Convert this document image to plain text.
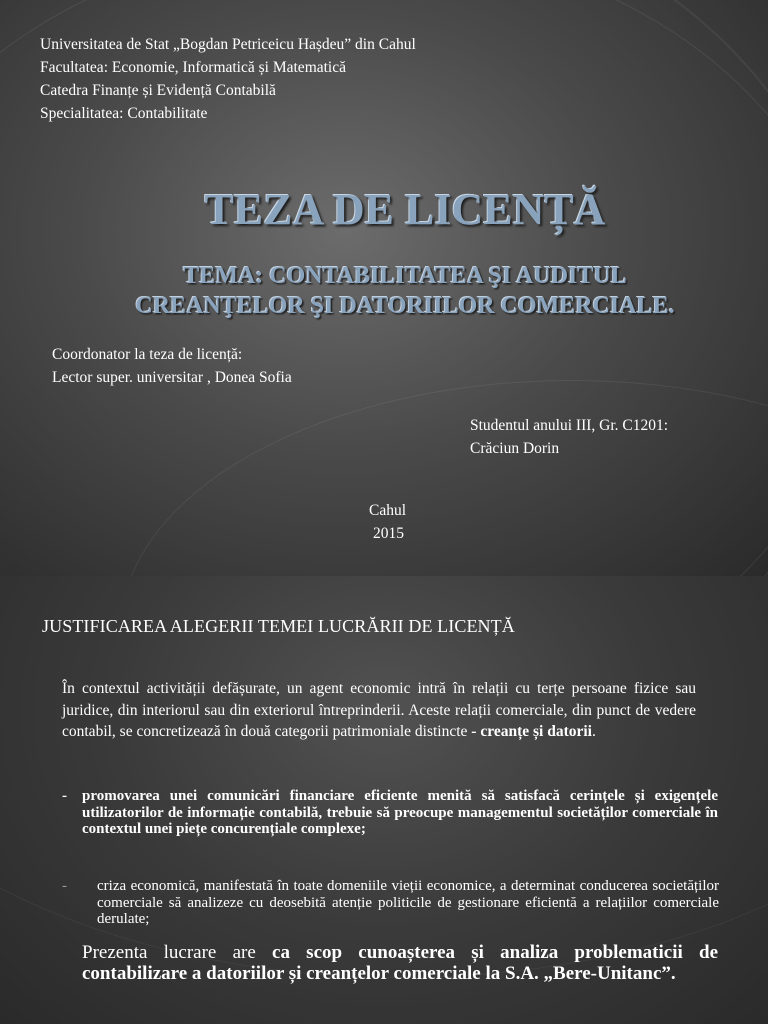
Universitatea de Stat „Bogdan Petriceicu Hașdeu” din Cahul
Facultatea: Economie, Informatică și Matematică
Catedra Finanțe și Evidență Contabilă
Specialitatea: Contabilitate
TEZA DE LICENȚĂ
TEMA: CONTABILITATEA ŞI AUDITUL
CREANŢELOR ŞI DATORIILOR COMERCIALE.
Coordonator la teza de licență:
Lector super. universitar , Donea Sofia
Studentul anului III, Gr. C1201:
Crăciun Dorin
Cahul
2015
JUSTIFICAREA ALEGERII TEMEI LUCRĂRII DE LICENȚĂ
În contextul activității defășurate, un agent economic intră în relații cu terțe persoane fizice sau juridice, din interiorul sau din exteriorul întreprinderii. Aceste relații comerciale, din punct de vedere contabil, se concretizează în două categorii patrimoniale distincte - creanțe și datorii.
- promovarea unei comunicări financiare eficiente menită să satisfacă cerințele și exigențele utilizatorilor de informație contabilă, trebuie să preocupe managementul societăților comerciale în contextul unei piețe concurențiale complexe;
- criza economică, manifestată în toate domeniile vieții economice, a determinat conducerea societăților comerciale să analizeze cu deosebită atenție politicile de gestionare eficientă a relațiilor comerciale derulate;
Prezenta lucrare are ca scop cunoașterea și analiza problematicii de contabilizare a datoriilor și creanțelor comerciale la S.A. „Bere-Unitanc”.
